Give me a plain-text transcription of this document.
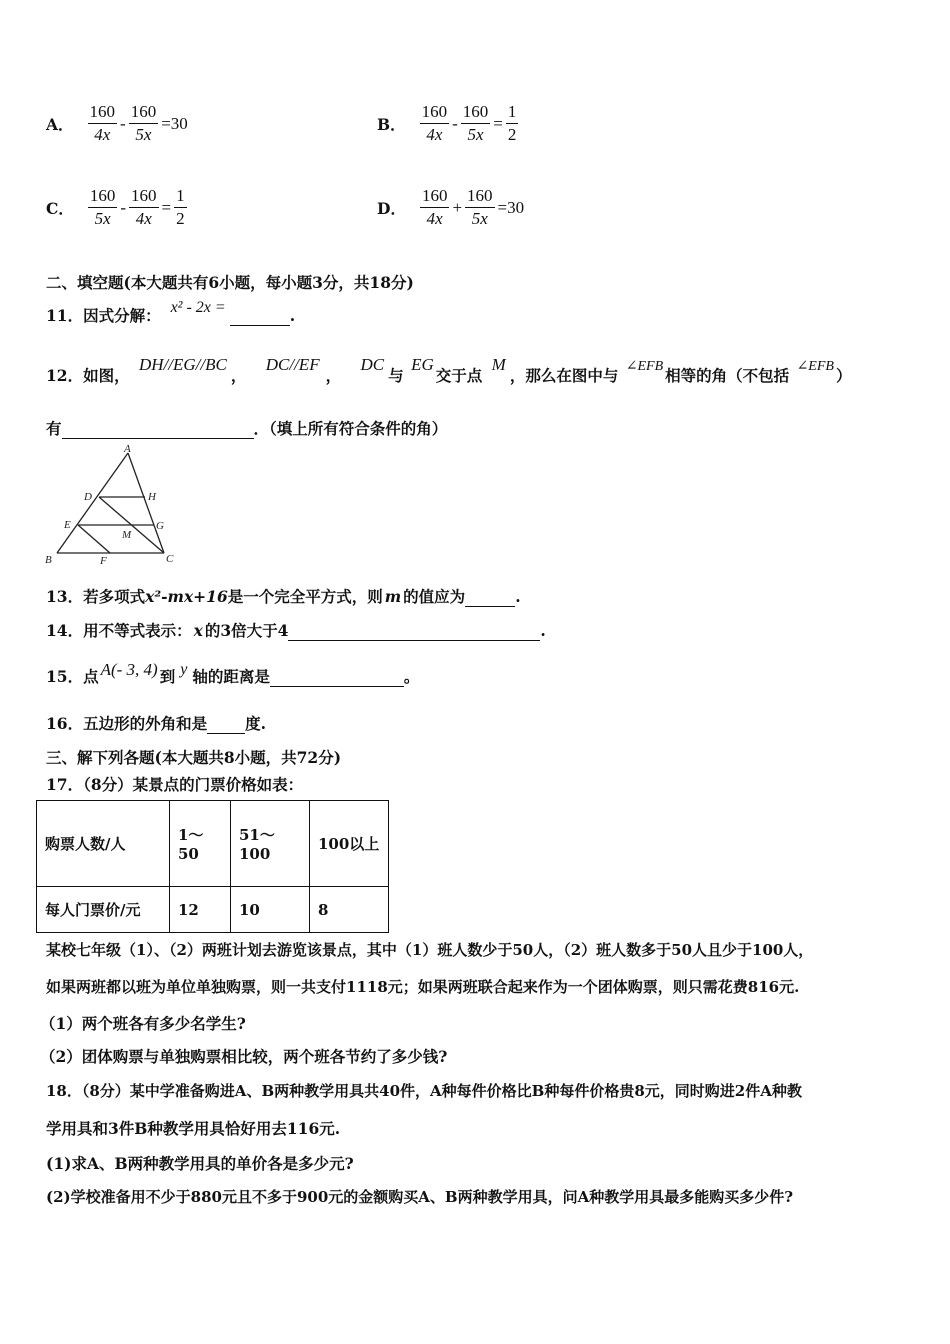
A． $\frac{160}{4x} - \frac{160}{5x} =30$	B． $\frac{160}{4x} - \frac{160}{5x} = \frac{1}{2}$
C． $\frac{160}{5x} - \frac{160}{4x} = \frac{1}{2}$	D． $\frac{160}{4x} + \frac{160}{5x} =30$
二、填空题(本大题共有6小题，每小题3分，共18分)
11．因式分解： x² - 2x =	.
12．如图， DH//EG//BC， DC//EF， DC与 EG交于点 M，那么在图中与 ∠EFB 相等的角（不包括 ∠EFB ）
有	．（填上所有符合条件的角）
A
D	H
E	G
M
B	F	C
13．若多项式x²-mx+16是一个完全平方式，则 m 的值应为	.
14．用不等式表示： x 的3倍大于4	.
15．点 A(- 3, 4) 到 y 轴的距离是	。
16．五边形的外角和是 度.
三、解下列各题(本大题共8小题，共72分)
17．（8分）某景点的门票价格如表：
购票人数/人	1～50	51～100	100以上
每人门票价/元	12	10	8
某校七年级（1）、（2）两班计划去游览该景点，其中（1）班人数少于50人，（2）班人数多于50人且少于100人，
如果两班都以班为单位单独购票，则一共支付1118元；如果两班联合起来作为一个团体购票，则只需花费816元.
（1）两个班各有多少名学生?
（2）团体购票与单独购票相比较，两个班各节约了多少钱?
18．（8分）某中学准备购进A、B两种教学用具共40件，A种每件价格比B种每件价格贵8元，同时购进2件A种教
学用具和3件B种教学用具恰好用去116元.
(1)求A、B两种教学用具的单价各是多少元?
(2)学校准备用不少于880元且不多于900元的金额购买A、B两种教学用具，问A种教学用具最多能购买多少件?
